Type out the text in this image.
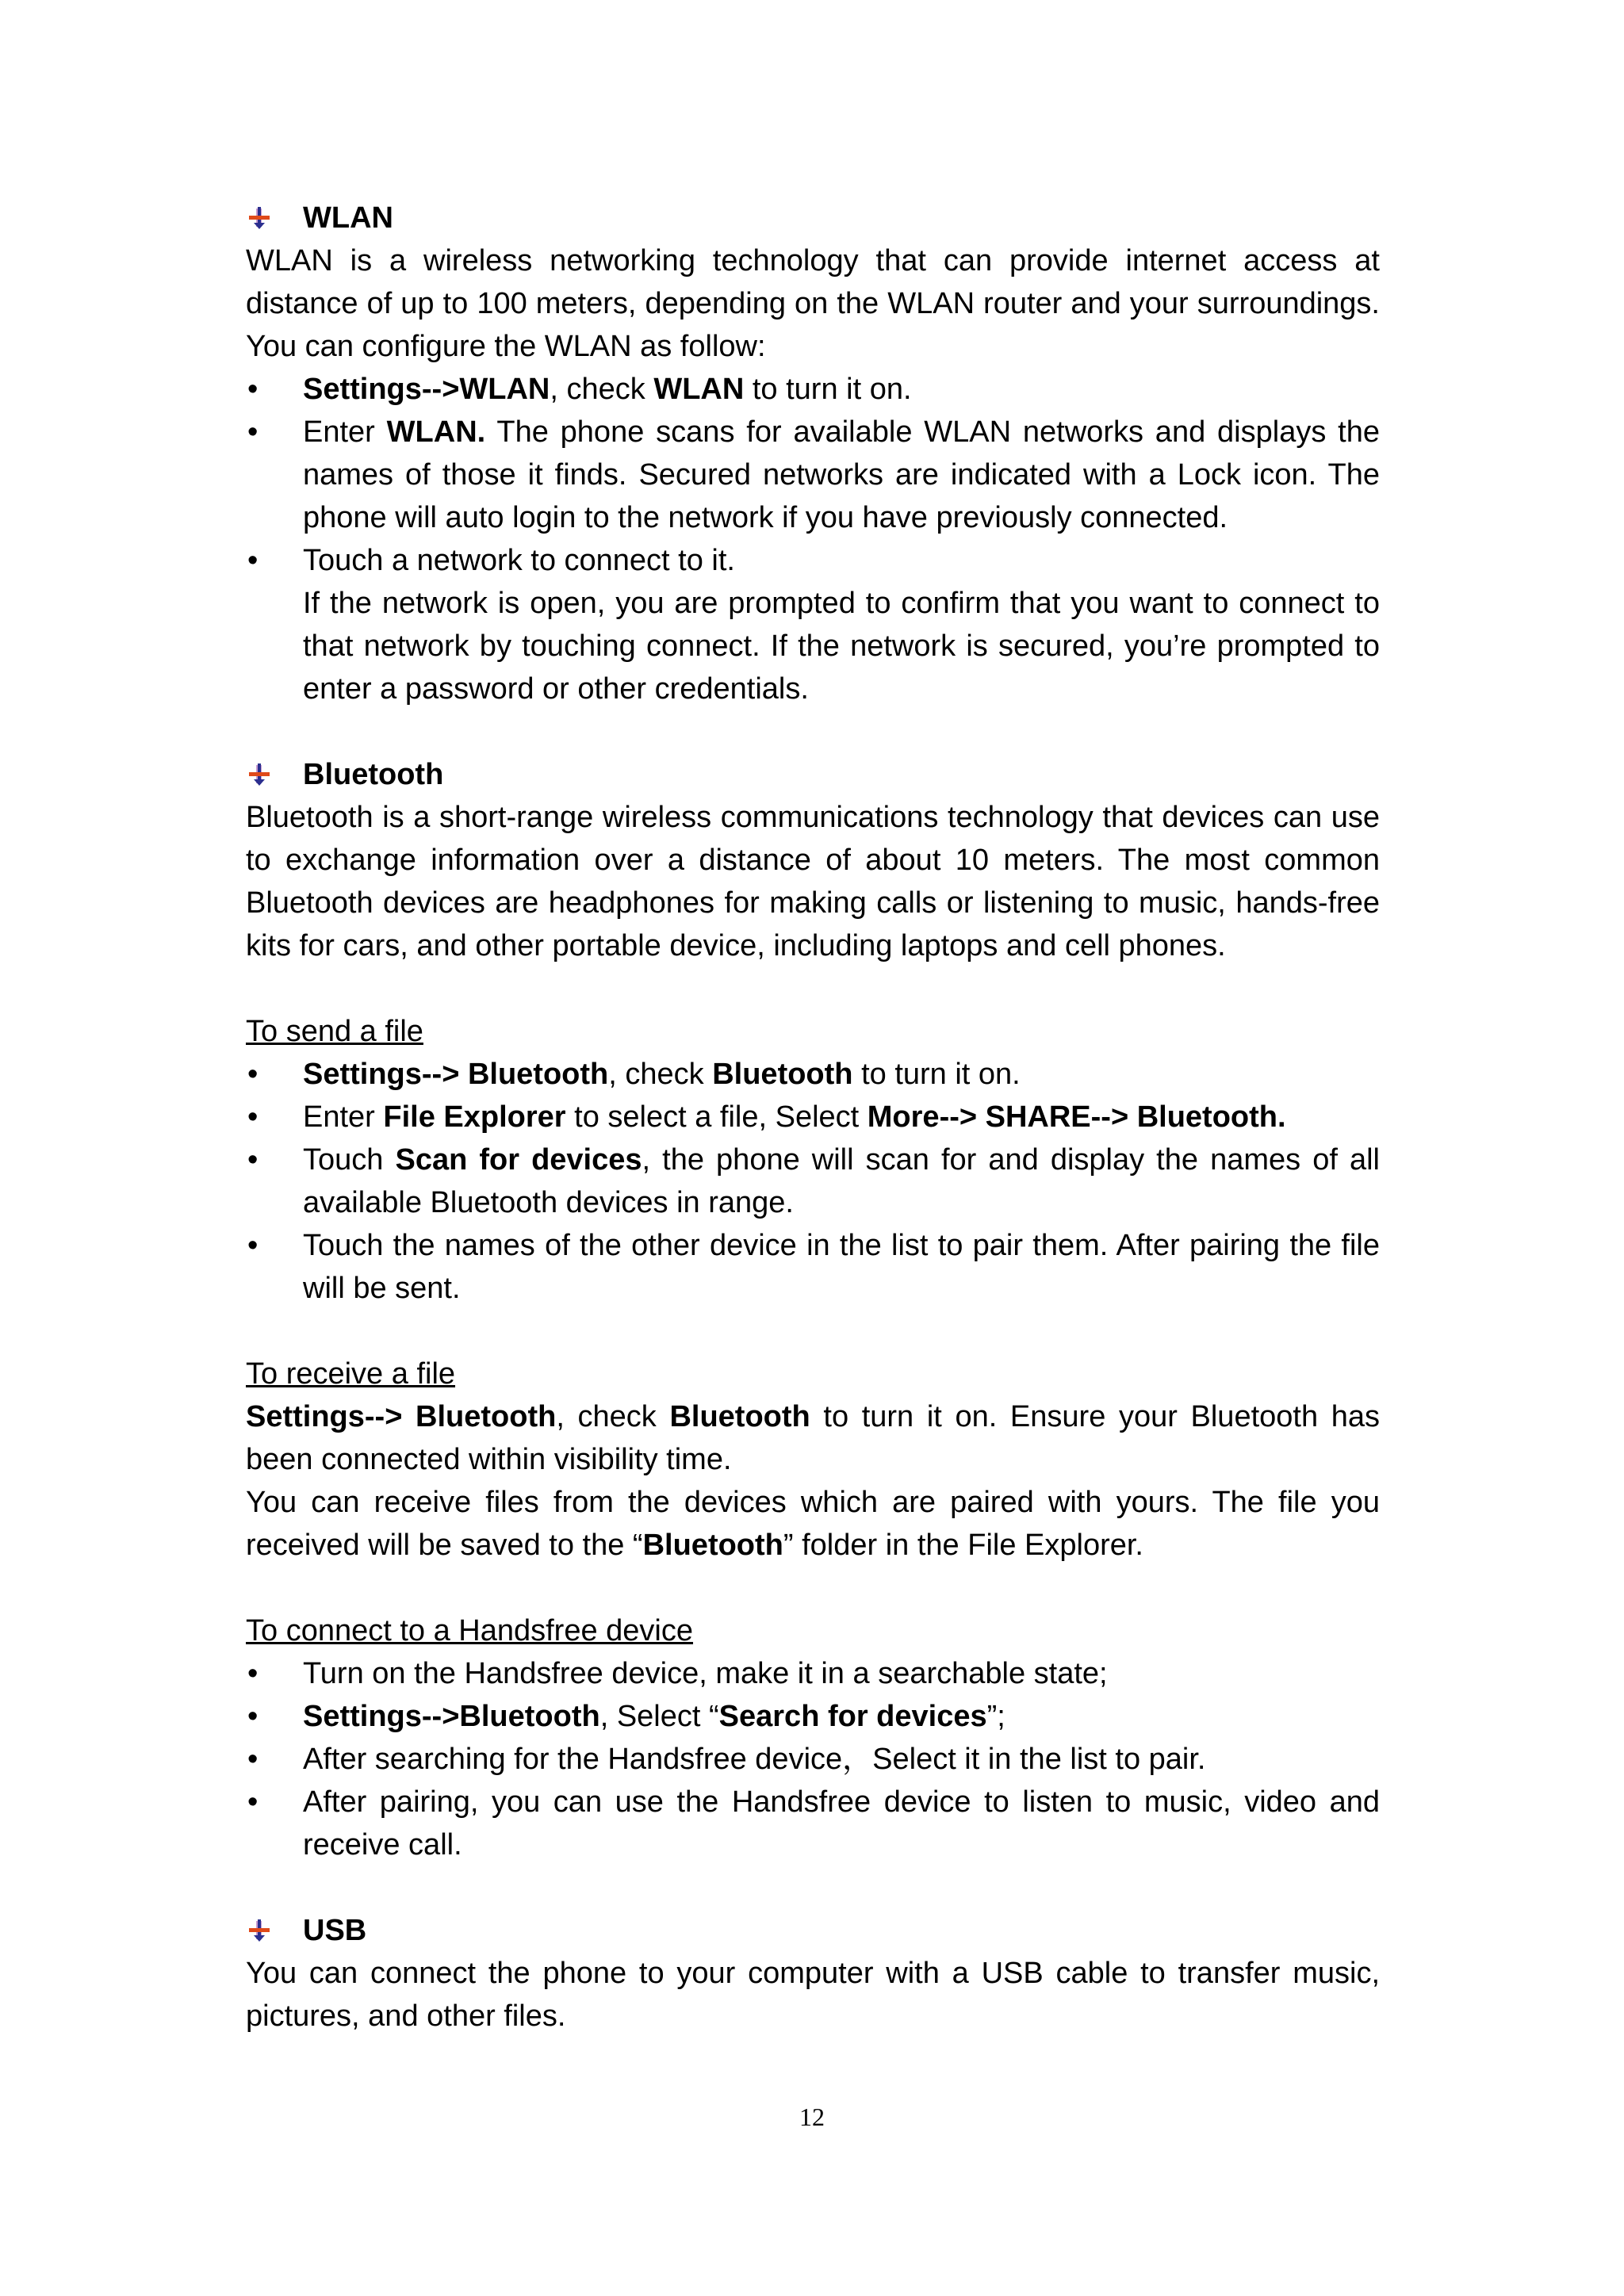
WLAN

WLAN is a wireless networking technology that can provide internet access at distance of up to 100 meters, depending on the WLAN router and your surroundings. You can configure the WLAN as follow:

• Settings-->WLAN, check WLAN to turn it on.
• Enter WLAN. The phone scans for available WLAN networks and displays the names of those it finds. Secured networks are indicated with a Lock icon. The phone will auto login to the network if you have previously connected.
• Touch a network to connect to it.

If the network is open, you are prompted to confirm that you want to connect to that network by touching connect. If the network is secured, you’re prompted to enter a password or other credentials.

Bluetooth

Bluetooth is a short-range wireless communications technology that devices can use to exchange information over a distance of about 10 meters. The most common Bluetooth devices are headphones for making calls or listening to music, hands-free kits for cars, and other portable device, including laptops and cell phones.

To send a file

• Settings--> Bluetooth, check Bluetooth to turn it on.
• Enter File Explorer to select a file, Select More--> SHARE--> Bluetooth.
• Touch Scan for devices, the phone will scan for and display the names of all available Bluetooth devices in range.
• Touch the names of the other device in the list to pair them. After pairing the file will be sent.

To receive a file

Settings--> Bluetooth, check Bluetooth to turn it on. Ensure your Bluetooth has been connected within visibility time.

You can receive files from the devices which are paired with yours. The file you received will be saved to the “Bluetooth” folder in the File Explorer.

To connect to a Handsfree device

• Turn on the Handsfree device, make it in a searchable state;
• Settings-->Bluetooth, Select “Search for devices”;
• After searching for the Handsfree device，Select it in the list to pair.
• After pairing, you can use the Handsfree device to listen to music, video and receive call.
USB

You can connect the phone to your computer with a USB cable to transfer music, pictures, and other files.

12
